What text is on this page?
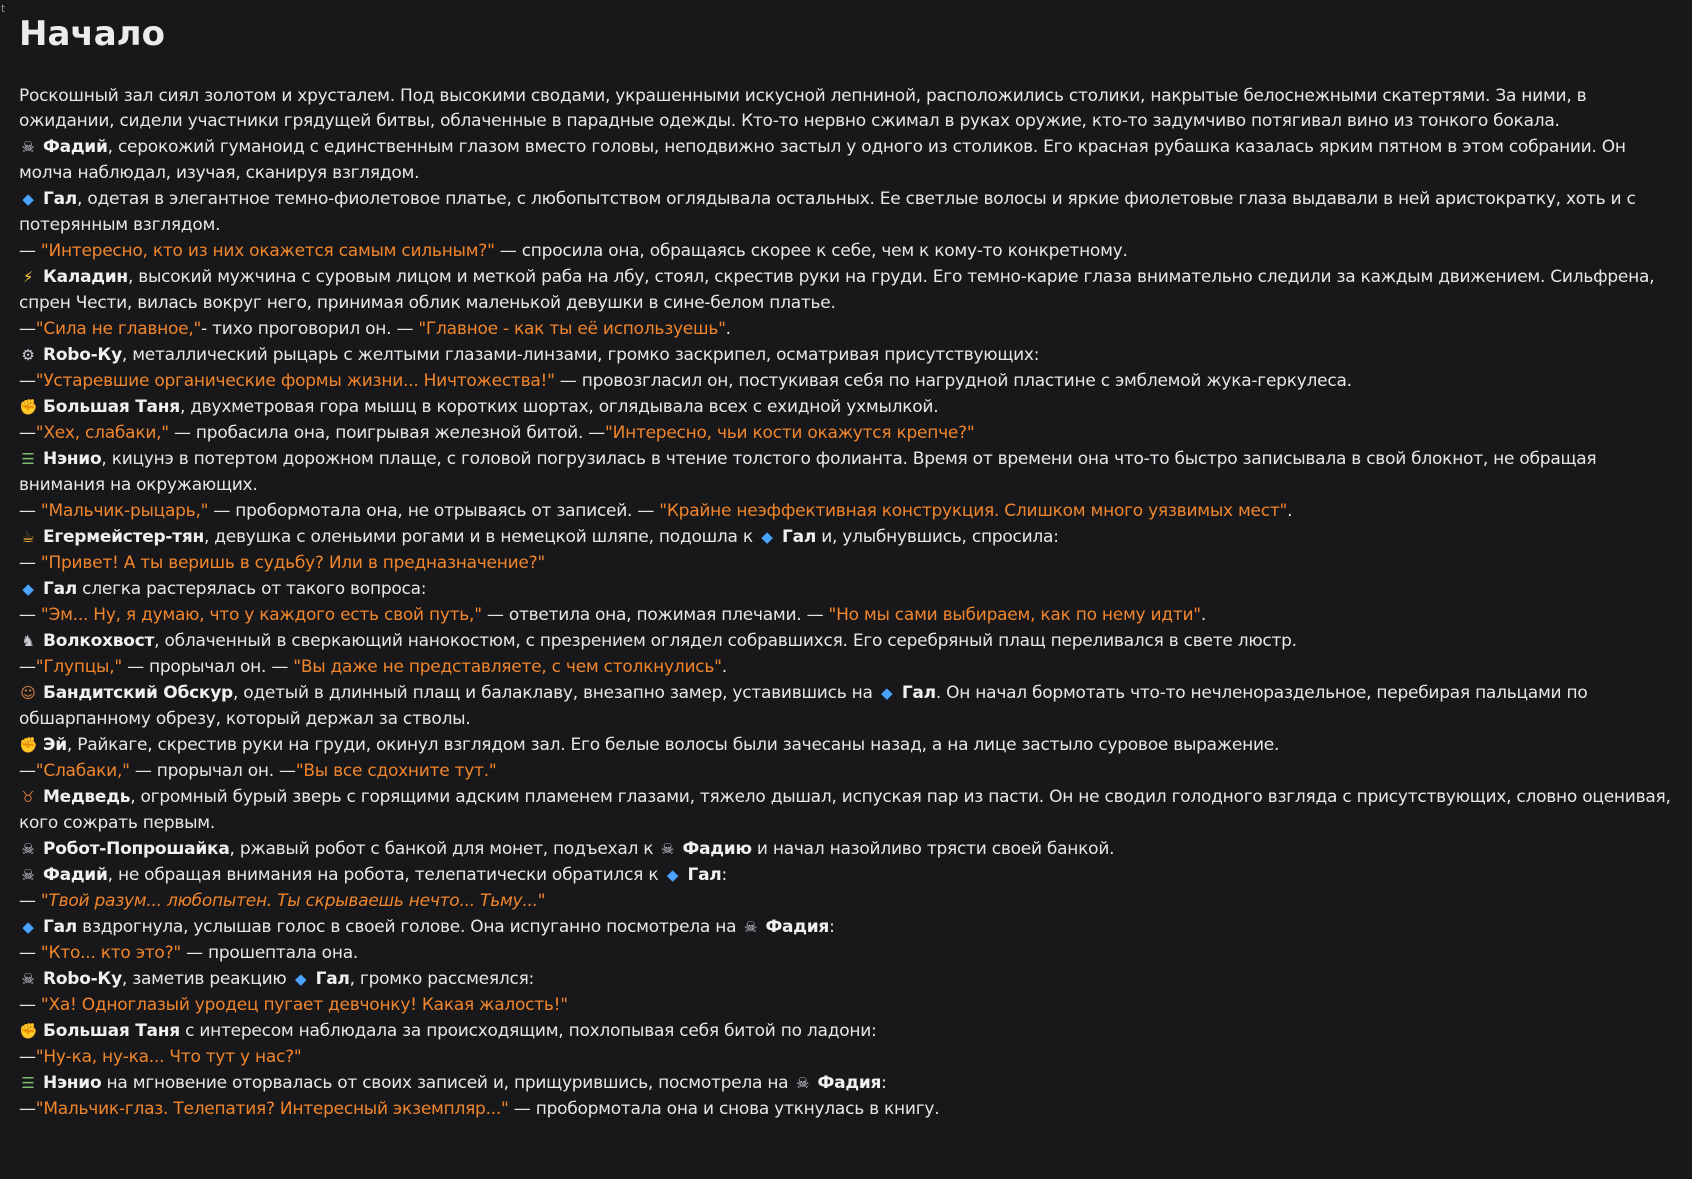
t
Начало

Роскошный зал сиял золотом и хрусталем. Под высокими сводами, украшенными искусной лепниной, расположились столики, накрытые белоснежными скатертями. За ними, в ожидании, сидели участники грядущей битвы, облаченные в парадные одежды. Кто-то нервно сжимал в руках оружие, кто-то задумчиво потягивал вино из тонкого бокала.

☠ Фадий, серокожий гуманоид с единственным глазом вместо головы, неподвижно застыл у одного из столиков. Его красная рубашка казалась ярким пятном в этом собрании. Он молча наблюдал, изучая, сканируя взглядом.

◆ Гал, одетая в элегантное темно-фиолетовое платье, с любопытством оглядывала остальных. Ее светлые волосы и яркие фиолетовые глаза выдавали в ней аристократку, хоть и с потерянным взглядом.

— "Интересно, кто из них окажется самым сильным?" — спросила она, обращаясь скорее к себе, чем к кому-то конкретному.

⚡ Каладин, высокий мужчина с суровым лицом и меткой раба на лбу, стоял, скрестив руки на груди. Его темно-карие глаза внимательно следили за каждым движением. Сильфрена, спрен Чести, вилась вокруг него, принимая облик маленькой девушки в сине-белом платье.

—"Сила не главное,"- тихо проговорил он. — "Главное - как ты её используешь".

⚙ Robo-Ку, металлический рыцарь с желтыми глазами-линзами, громко заскрипел, осматривая присутствующих:

—"Устаревшие органические формы жизни... Ничтожества!" — провозгласил он, постукивая себя по нагрудной пластине с эмблемой жука-геркулеса.

✊ Большая Таня, двухметровая гора мышц в коротких шортах, оглядывала всех с ехидной ухмылкой.

—"Хех, слабаки," — пробасила она, поигрывая железной битой. —"Интересно, чьи кости окажутся крепче?"

☰ Нэнио, кицунэ в потертом дорожном плаще, с головой погрузилась в чтение толстого фолианта. Время от времени она что-то быстро записывала в свой блокнот, не обращая внимания на окружающих.

— "Мальчик-рыцарь," — пробормотала она, не отрываясь от записей. — "Крайне неэффективная конструкция. Слишком много уязвимых мест".

☕ Егермейстер-тян, девушка с оленьими рогами и в немецкой шляпе, подошла к ◆ Гал и, улыбнувшись, спросила:

— "Привет! А ты веришь в судьбу? Или в предназначение?"

◆ Гал слегка растерялась от такого вопроса:

— "Эм... Ну, я думаю, что у каждого есть свой путь," — ответила она, пожимая плечами. — "Но мы сами выбираем, как по нему идти".

♞ Волкохвост, облаченный в сверкающий нанокостюм, с презрением оглядел собравшихся. Его серебряный плащ переливался в свете люстр.

—"Глупцы," — прорычал он. — "Вы даже не представляете, с чем столкнулись".

☺ Бандитский Обскур, одетый в длинный плащ и балаклаву, внезапно замер, уставившись на ◆ Гал. Он начал бормотать что-то нечленораздельное, перебирая пальцами по обшарпанному обрезу, который держал за стволы.

✊ Эй, Райкаге, скрестив руки на груди, окинул взглядом зал. Его белые волосы были зачесаны назад, а на лице застыло суровое выражение.

—"Слабаки," — прорычал он. —"Вы все сдохните тут."

♉ Медведь, огромный бурый зверь с горящими адским пламенем глазами, тяжело дышал, испуская пар из пасти. Он не сводил голодного взгляда с присутствующих, словно оценивая, кого сожрать первым.

☠ Робот-Попрошайка, ржавый робот с банкой для монет, подъехал к ☠ Фадию и начал назойливо трясти своей банкой.

☠ Фадий, не обращая внимания на робота, телепатически обратился к ◆ Гал:

— "Твой разум... любопытен. Ты скрываешь нечто... Тьму..."

◆ Гал вздрогнула, услышав голос в своей голове. Она испуганно посмотрела на ☠ Фадия:

— "Кто... кто это?" — прошептала она.

☠ Robo-Ку, заметив реакцию ◆ Гал, громко рассмеялся:

— "Ха! Одноглазый уродец пугает девчонку! Какая жалость!"

✊ Большая Таня с интересом наблюдала за происходящим, похлопывая себя битой по ладони:

—"Ну-ка, ну-ка... Что тут у нас?"

☰ Нэнио на мгновение оторвалась от своих записей и, прищурившись, посмотрела на ☠ Фадия:

—"Мальчик-глаз. Телепатия? Интересный экземпляр..." — пробормотала она и снова уткнулась в книгу.
